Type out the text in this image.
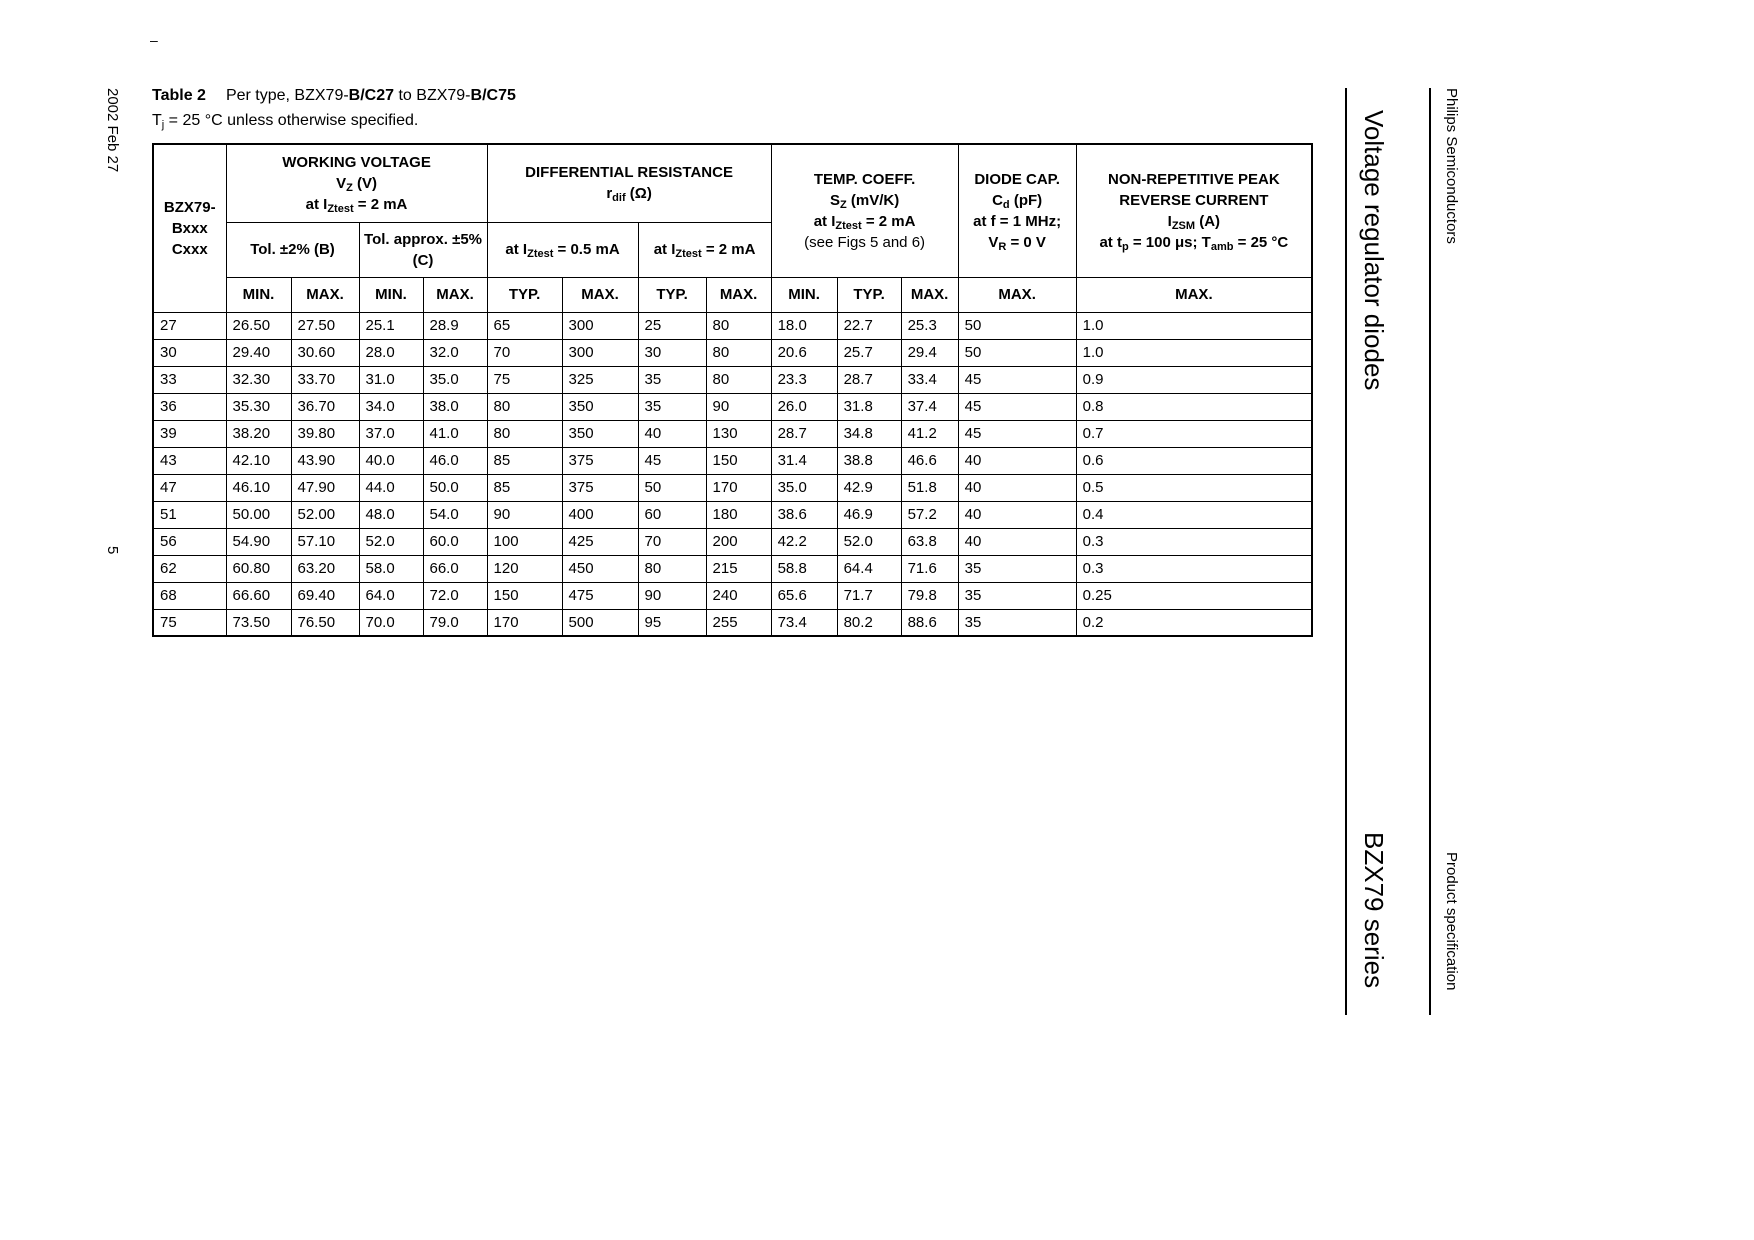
2002 Feb 27
5
–
Table 2 Per type, BZX79-B/C27 to BZX79-B/C75
$T_j = 25$ °C unless otherwise specified.
BZX79-
Bxxx
Cxxx

WORKING VOLTAGE
$V_Z$ (V)
at $I_{Ztest} = 2$ mA

DIFFERENTIAL RESISTANCE
$r_{dif}$ (Ω)

TEMP. COEFF.
$S_Z$ (mV/K)
at $I_{Ztest} = 2$ mA
(see Figs 5 and 6)

DIODE CAP.
$C_d$ (pF)
at f = 1 MHz;
$V_R = 0$ V

NON-REPETITIVE PEAK
REVERSE CURRENT
$I_{ZSM}$ (A)
at $t_p = 100$ μs; $T_{amb} = 25$ °C

	Tol. ±2% (B)		Tol. approx. ±5% (C)		at $I_{Ztest} = 0.5$ mA		at $I_{Ztest} = 2$ mA						
	MIN.	MAX.	MIN.	MAX.	TYP.	MAX.	TYP.	MAX.	MIN.	TYP.	MAX.	MAX.	MAX.
27	26.50	27.50	25.1	28.9	65	300	25	80	18.0	22.7	25.3	50	1.0
30	29.40	30.60	28.0	32.0	70	300	30	80	20.6	25.7	29.4	50	1.0
33	32.30	33.70	31.0	35.0	75	325	35	80	23.3	28.7	33.4	45	0.9
36	35.30	36.70	34.0	38.0	80	350	35	90	26.0	31.8	37.4	45	0.8
39	38.20	39.80	37.0	41.0	80	350	40	130	28.7	34.8	41.2	45	0.7
43	42.10	43.90	40.0	46.0	85	375	45	150	31.4	38.8	46.6	40	0.6
47	46.10	47.90	44.0	50.0	85	375	50	170	35.0	42.9	51.8	40	0.5
51	50.00	52.00	48.0	54.0	90	400	60	180	38.6	46.9	57.2	40	0.4
56	54.90	57.10	52.0	60.0	100	425	70	200	42.2	52.0	63.8	40	0.3
62	60.80	63.20	58.0	66.0	120	450	80	215	58.8	64.4	71.6	35	0.3
68	66.60	69.40	64.0	72.0	150	475	90	240	65.6	71.7	79.8	35	0.25
75	73.50	76.50	70.0	79.0	170	500	95	255	73.4	80.2	88.6	35	0.2
Voltage regulator diodes
BZX79 series
Philips Semiconductors
Product specification
